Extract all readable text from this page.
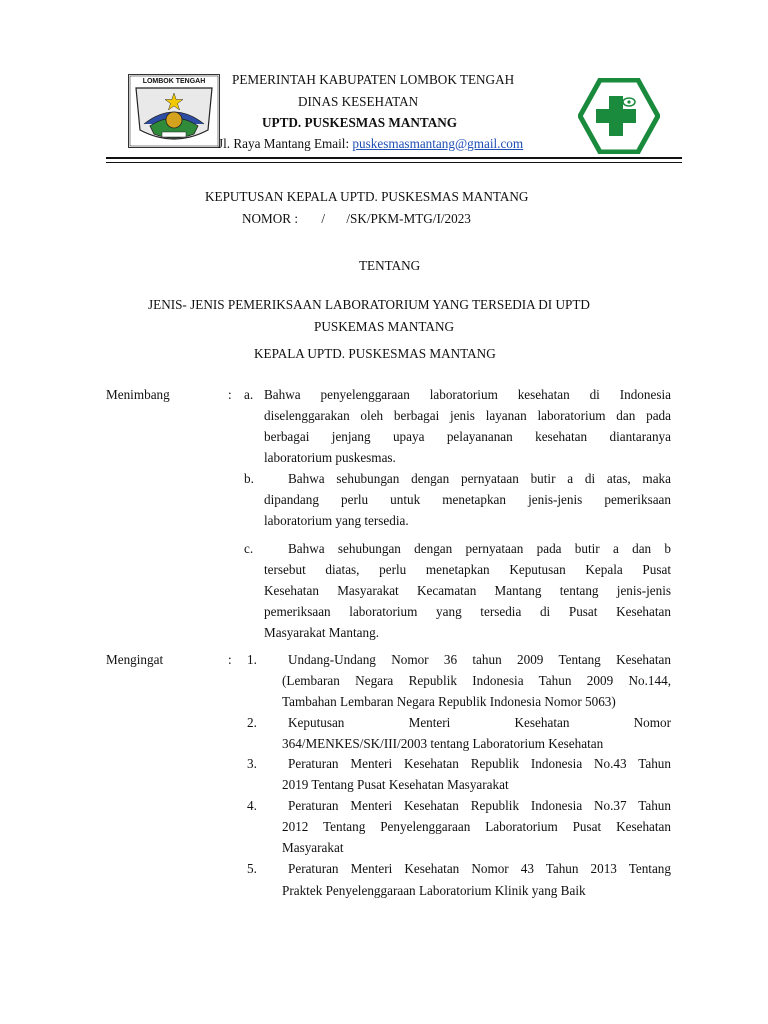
LOMBOK TENGAH	PEMERINTAH KABUPATEN LOMBOK TENGAH
DINAS KESEHATAN
UPTD. PUSKESMAS MANTANG
Jl. Raya Mantang Email: puskesmasmantang@gmail.com
KEPUTUSAN KEPALA UPTD. PUSKESMAS MANTANG
NOMOR : / /SK/PKM-MTG/I/2023
TENTANG
JENIS- JENIS PEMERIKSAAN LABORATORIUM YANG TERSEDIA DI UPTD
PUSKEMAS MANTANG
KEPALA UPTD. PUSKESMAS MANTANG
Menimbang	: a. Bahwa penyelenggaraan laboratorium kesehatan di Indonesia
diselenggarakan oleh berbagai jenis layanan laboratorium dan pada
berbagai jenjang upaya pelayananan kesehatan diantaranya
laboratorium puskesmas.
b.	Bahwa sehubungan dengan pernyataan butir a di atas, maka
dipandang perlu untuk menetapkan jenis-jenis pemeriksaan
laboratorium yang tersedia.
c.	Bahwa sehubungan dengan pernyataan pada butir a dan b
tersebut diatas, perlu menetapkan Keputusan Kepala Pusat
Kesehatan Masyarakat Kecamatan Mantang tentang jenis-jenis
pemeriksaan laboratorium yang tersedia di Pusat Kesehatan
Masyarakat Mantang.
Mengingat	: 1. Undang-Undang Nomor 36 tahun 2009 Tentang Kesehatan
(Lembaran Negara Republik Indonesia Tahun 2009 No.144,
Tambahan Lembaran Negara Republik Indonesia Nomor 5063)
2. Keputusan Menteri Kesehatan Nomor
364/MENKES/SK/III/2003 tentang Laboratorium Kesehatan
3. Peraturan Menteri Kesehatan Republik Indonesia No.43 Tahun
2019 Tentang Pusat Kesehatan Masyarakat
4. Peraturan Menteri Kesehatan Republik Indonesia No.37 Tahun
2012 Tentang Penyelenggaraan Laboratorium Pusat Kesehatan
Masyarakat
5. Peraturan Menteri Kesehatan Nomor 43 Tahun 2013 Tentang
Praktek Penyelenggaraan Laboratorium Klinik yang Baik
